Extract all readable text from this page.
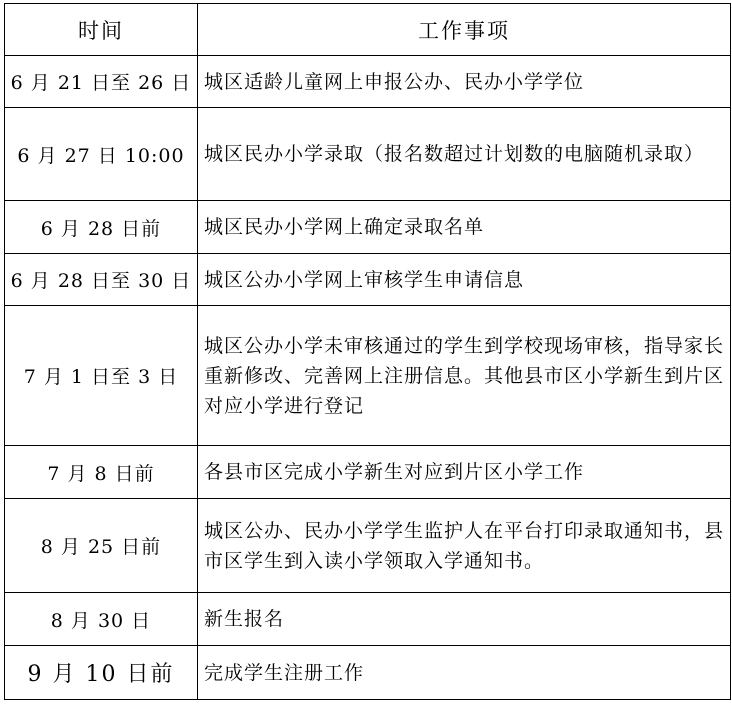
时间	工作事项
6 月 21 日至 26 日	城区适龄儿童网上申报公办、民办小学学位
6 月 27 日 10:00	城区民办小学录取（报名数超过计划数的电脑随机录取）
6 月 28 日前	城区民办小学网上确定录取名单
6 月 28 日至 30 日	城区公办小学网上审核学生申请信息
7 月 1 日至 3 日	城区公办小学未审核通过的学生到学校现场审核，指导家长重新修改、完善网上注册信息。其他县市区小学新生到片区对应小学进行登记
7 月 8 日前	各县市区完成小学新生对应到片区小学工作
8 月 25 日前	城区公办、民办小学学生监护人在平台打印录取通知书，县市区学生到入读小学领取入学通知书。
8 月 30 日	新生报名
9 月 10 日前	完成学生注册工作
